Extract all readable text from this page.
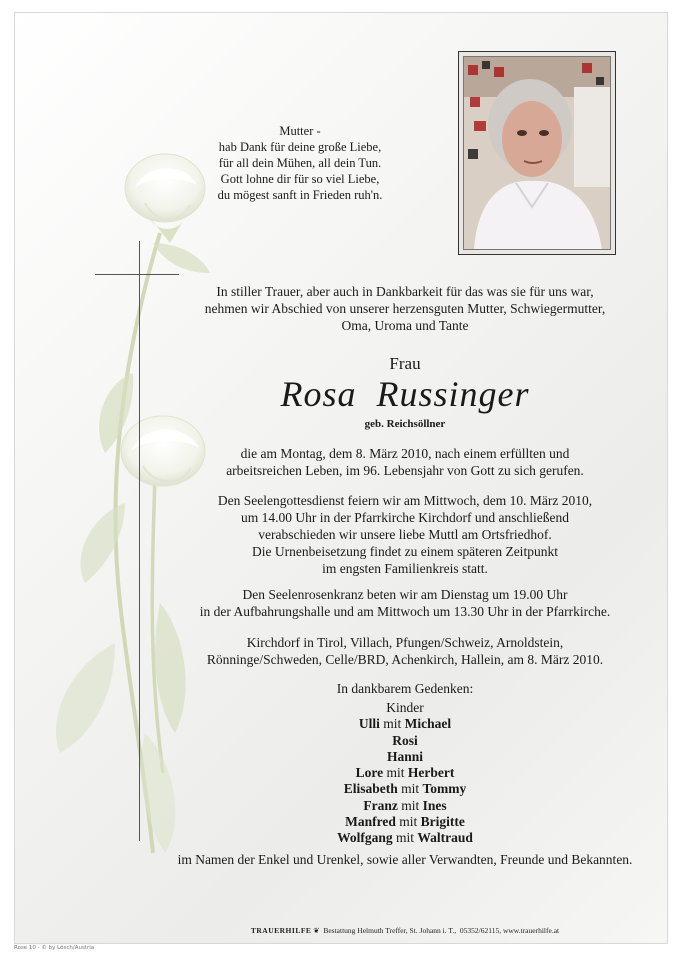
Mutter -
hab Dank für deine große Liebe,
für all dein Mühen, all dein Tun.
Gott lohne dir für so viel Liebe,
du mögest sanft in Frieden ruh'n.
In stiller Trauer, aber auch in Dankbarkeit für das was sie für uns war,
nehmen wir Abschied von unserer herzensguten Mutter, Schwiegermutter,
Oma, Uroma und Tante
Frau
Rosa  Russinger
geb. Reichsöllner
die am Montag, dem 8. März 2010, nach einem erfüllten und
arbeitsreichen Leben, im 96. Lebensjahr von Gott zu sich gerufen.
Den Seelengottesdienst feiern wir am Mittwoch, dem 10. März 2010,
um 14.00 Uhr in der Pfarrkirche Kirchdorf und anschließend
verabschieden wir unsere liebe Muttl am Ortsfriedhof.
Die Urnenbeisetzung findet zu einem späteren Zeitpunkt
im engsten Familienkreis statt.
Den Seelenrosenkranz beten wir am Dienstag um 19.00 Uhr
in der Aufbahrungshalle und am Mittwoch um 13.30 Uhr in der Pfarrkirche.
Kirchdorf in Tirol, Villach, Pfungen/Schweiz, Arnoldstein,
Rönninge/Schweden, Celle/BRD, Achenkirch, Hallein, am 8. März 2010.
In dankbarem Gedenken:
Kinder
Ulli mit Michael
Rosi
Hanni
Lore mit Herbert
Elisabeth mit Tommy
Franz mit Ines
Manfred mit Brigitte
Wolfgang mit Waltraud
im Namen der Enkel und Urenkel, sowie aller Verwandten, Freunde und Bekannten.
TRAUERHILFE ❦  Bestattung Helmuth Treffer, St. Johann i. T.,  05352/62115, www.trauerhilfe.at
Rose 10 - © by Lösch/Austria
